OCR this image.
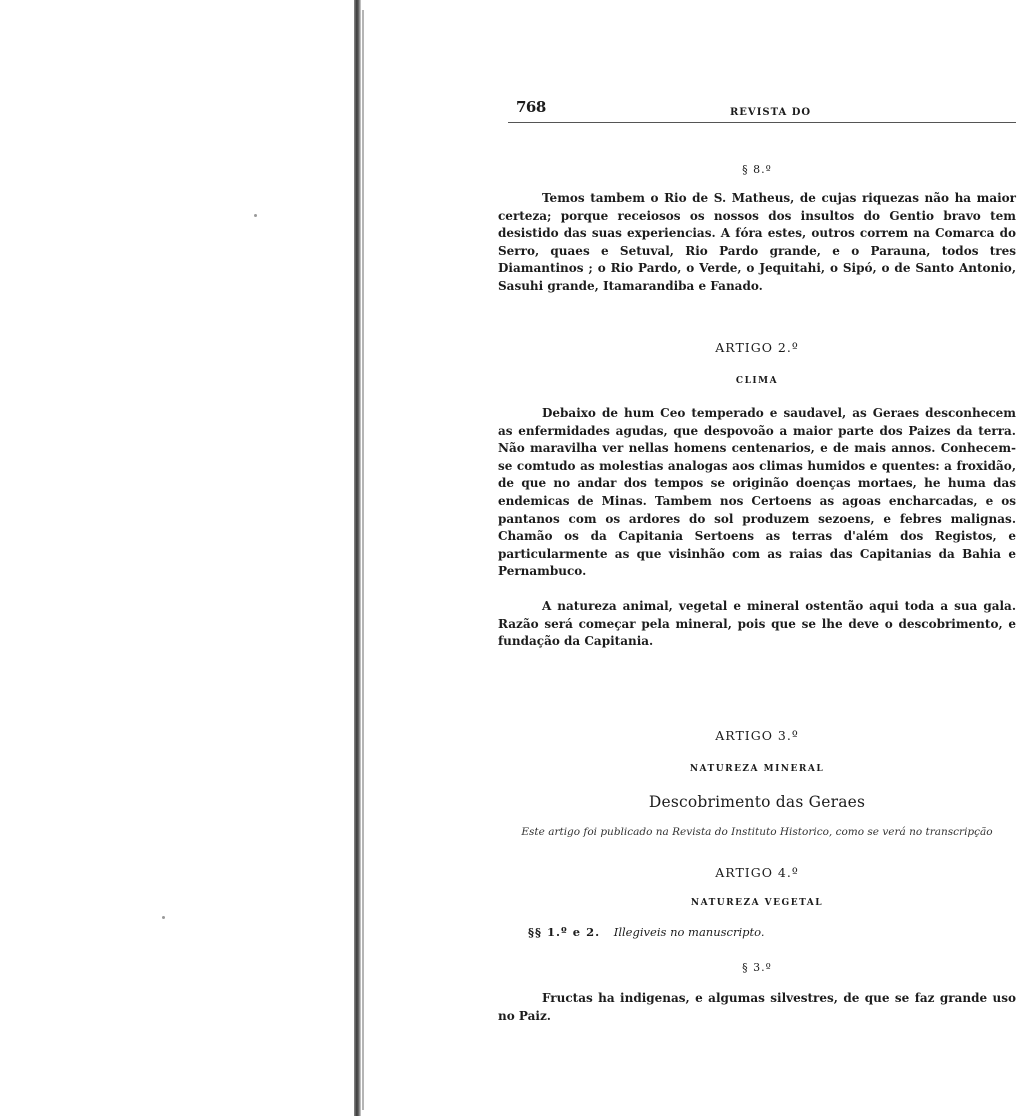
768	REVISTA DO
§ 8.º

Temos tambem o Rio de S. Matheus, de cujas riquezas não ha maior certeza; porque receiosos os nossos dos insultos do Gentio bravo tem desistido das suas experiencias. A fóra estes, outros correm na Comarca do Serro, quaes e Setuval, Rio Pardo grande, e o Parauna, todos tres Diamantinos ; o Rio Pardo, o Verde, o Jequitahi, o Sipó, o de Santo Antonio, Sasuhi grande, Itamarandiba e Fanado.

ARTIGO 2.º
CLIMA

Debaixo de hum Ceo temperado e saudavel, as Geraes desconhecem as enfermidades agudas, que despovoão a maior parte dos Paizes da terra. Não maravilha ver nellas homens centenarios, e de mais annos. Conhecem-se comtudo as molestias analogas aos climas humidos e quentes: a froxidão, de que no andar dos tempos se originão doenças mortaes, he huma das endemicas de Minas. Tambem nos Certoens as agoas encharcadas, e os pantanos com os ardores do sol produzem sezoens, e febres malignas. Chamão os da Capitania Sertoens as terras d'além dos Registos, e particularmente as que visinhão com as raias das Capitanias da Bahia e Pernambuco.

A natureza animal, vegetal e mineral ostentão aqui toda a sua gala. Razão será começar pela mineral, pois que se lhe deve o descobrimento, e fundação da Capitania.

ARTIGO 3.º
NATUREZA MINERAL
Descobrimento das Geraes
Este artigo foi publicado na Revista do Instituto Historico, como se verá no transcripção
ARTIGO 4.º
NATUREZA VEGETAL
§§ 1.º e 2. Illegiveis no manuscripto.
§ 3.º

Fructas ha indigenas, e algumas silvestres, de que se faz grande uso no Paiz.
